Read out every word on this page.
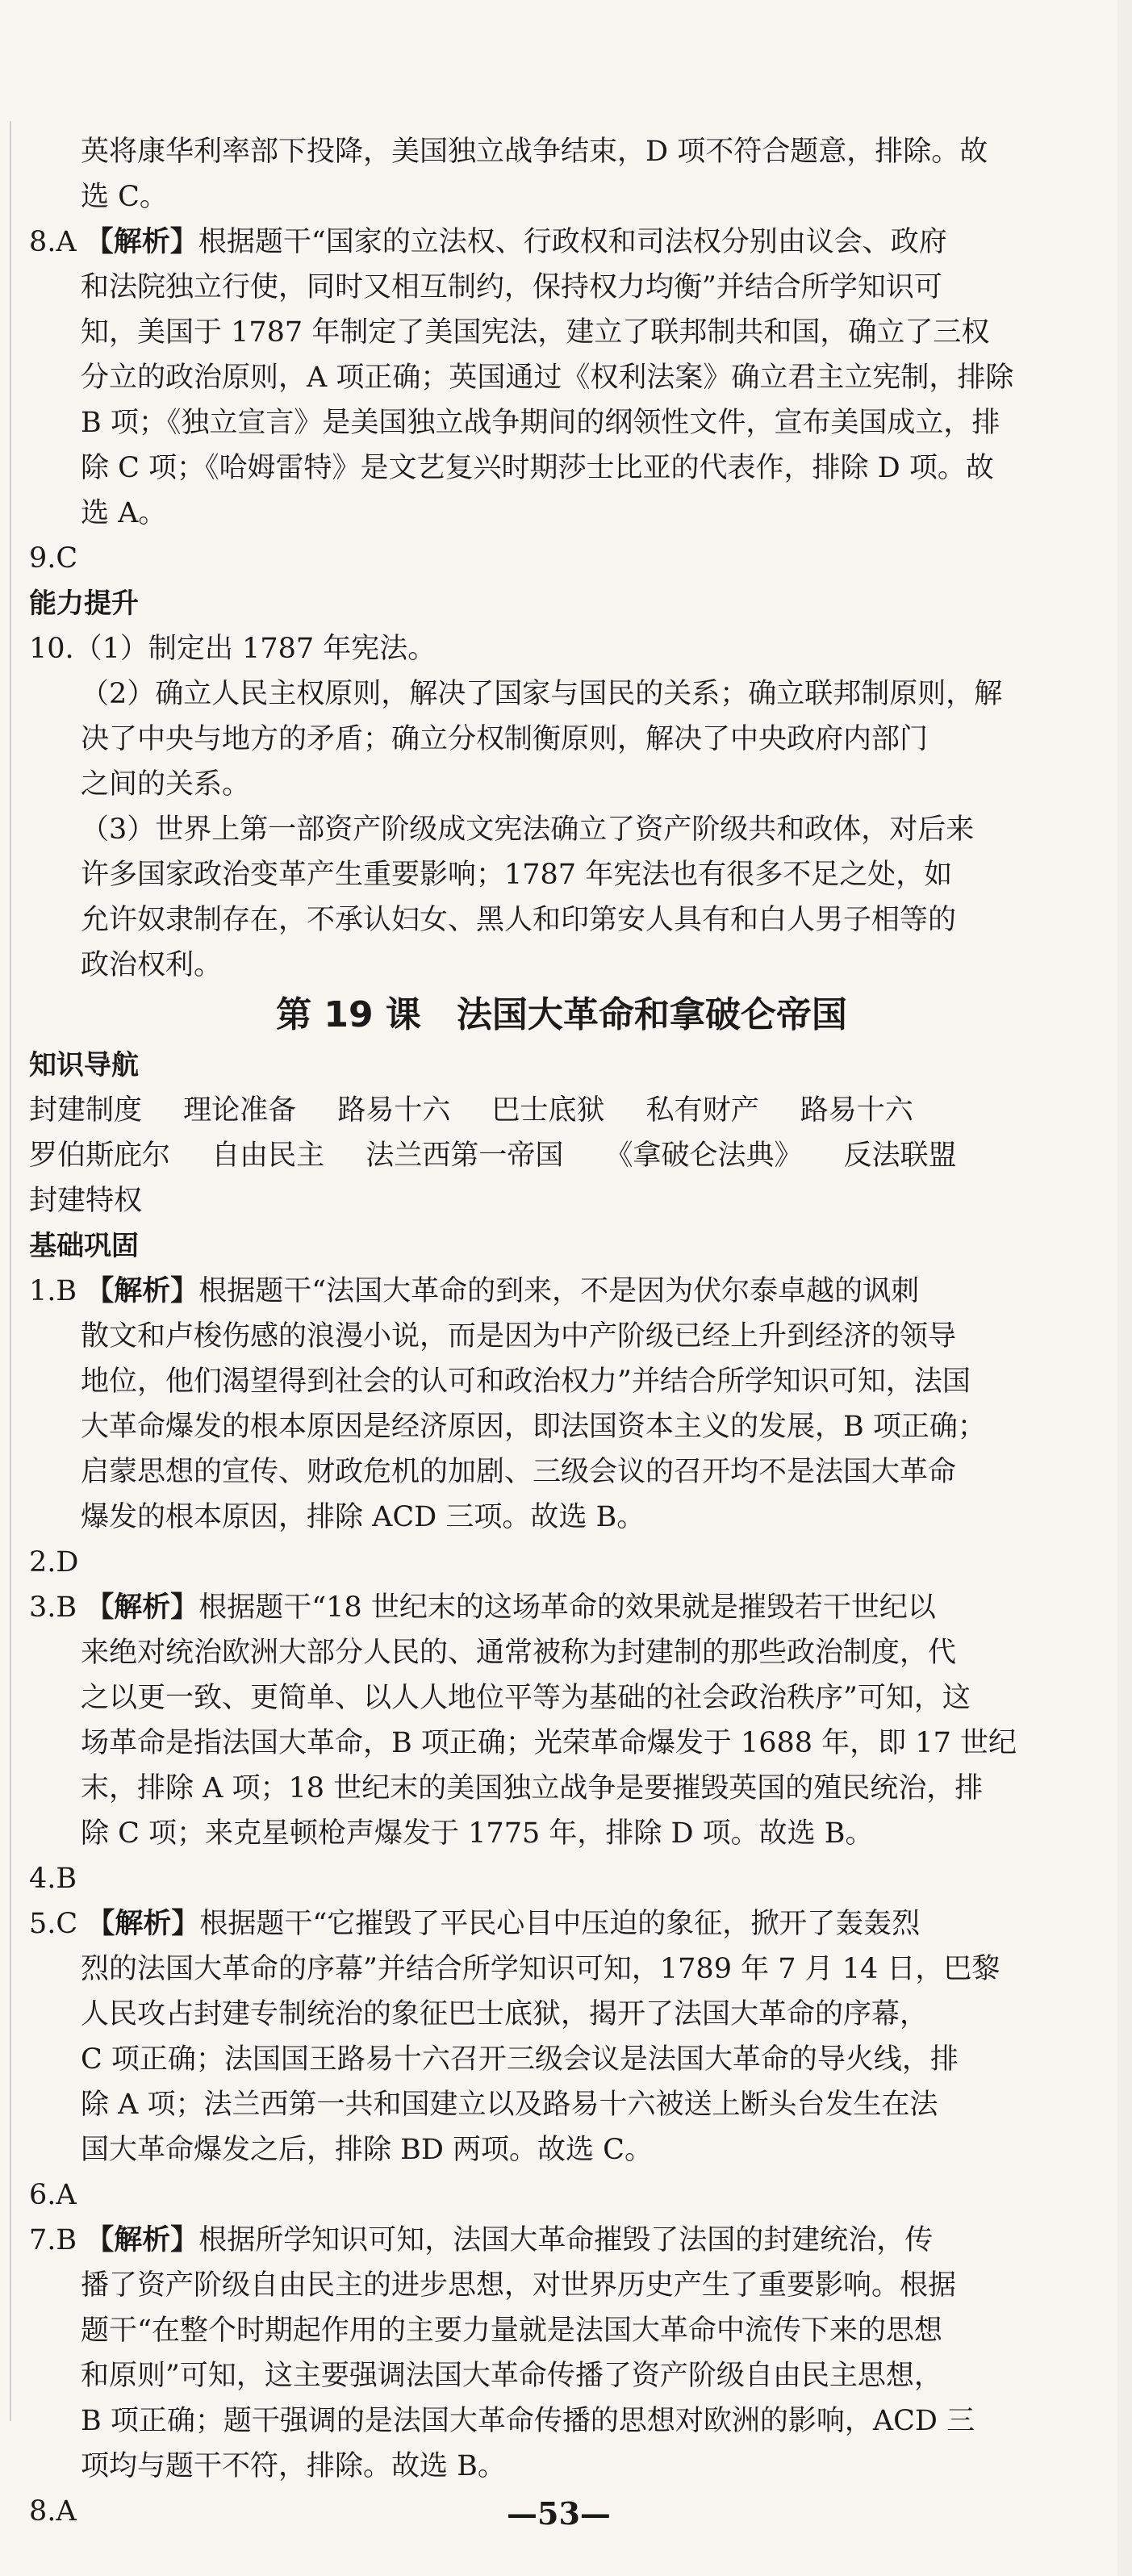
英将康华利率部下投降，美国独立战争结束，D 项不符合题意，排除。故
选 C。
8.A 【解析】根据题干“国家的立法权、行政权和司法权分别由议会、政府
和法院独立行使，同时又相互制约，保持权力均衡”并结合所学知识可
知，美国于 1787 年制定了美国宪法，建立了联邦制共和国，确立了三权
分立的政治原则，A 项正确；英国通过《权利法案》确立君主立宪制，排除
B 项；《独立宣言》是美国独立战争期间的纲领性文件，宣布美国成立，排
除 C 项；《哈姆雷特》是文艺复兴时期莎士比亚的代表作，排除 D 项。故
选 A。
9.C
能力提升
10.（1）制定出 1787 年宪法。
（2）确立人民主权原则，解决了国家与国民的关系；确立联邦制原则，解
决了中央与地方的矛盾；确立分权制衡原则，解决了中央政府内部门
之间的关系。
（3）世界上第一部资产阶级成文宪法确立了资产阶级共和政体，对后来
许多国家政治变革产生重要影响；1787 年宪法也有很多不足之处，如
允许奴隶制存在，不承认妇女、黑人和印第安人具有和白人男子相等的
政治权利。
第 19 课　法国大革命和拿破仑帝国
知识导航
封建制度 理论准备 路易十六 巴士底狱 私有财产 路易十六
罗伯斯庇尔 自由民主 法兰西第一帝国 《拿破仑法典》 反法联盟
封建特权
基础巩固
1.B 【解析】根据题干“法国大革命的到来，不是因为伏尔泰卓越的讽刺
散文和卢梭伤感的浪漫小说，而是因为中产阶级已经上升到经济的领导
地位，他们渴望得到社会的认可和政治权力”并结合所学知识可知，法国
大革命爆发的根本原因是经济原因，即法国资本主义的发展，B 项正确；
启蒙思想的宣传、财政危机的加剧、三级会议的召开均不是法国大革命
爆发的根本原因，排除 ACD 三项。故选 B。
2.D
3.B 【解析】根据题干“18 世纪末的这场革命的效果就是摧毁若干世纪以
来绝对统治欧洲大部分人民的、通常被称为封建制的那些政治制度，代
之以更一致、更简单、以人人地位平等为基础的社会政治秩序”可知，这
场革命是指法国大革命，B 项正确；光荣革命爆发于 1688 年，即 17 世纪
末，排除 A 项；18 世纪末的美国独立战争是要摧毁英国的殖民统治，排
除 C 项；来克星顿枪声爆发于 1775 年，排除 D 项。故选 B。
4.B
5.C 【解析】根据题干“它摧毁了平民心目中压迫的象征，掀开了轰轰烈
烈的法国大革命的序幕”并结合所学知识可知，1789 年 7 月 14 日，巴黎
人民攻占封建专制统治的象征巴士底狱，揭开了法国大革命的序幕，
C 项正确；法国国王路易十六召开三级会议是法国大革命的导火线，排
除 A 项；法兰西第一共和国建立以及路易十六被送上断头台发生在法
国大革命爆发之后，排除 BD 两项。故选 C。
6.A
7.B 【解析】根据所学知识可知，法国大革命摧毁了法国的封建统治，传
播了资产阶级自由民主的进步思想，对世界历史产生了重要影响。根据
题干“在整个时期起作用的主要力量就是法国大革命中流传下来的思想
和原则”可知，这主要强调法国大革命传播了资产阶级自由民主思想，
B 项正确；题干强调的是法国大革命传播的思想对欧洲的影响，ACD 三
项均与题干不符，排除。故选 B。
8.A	—53—
